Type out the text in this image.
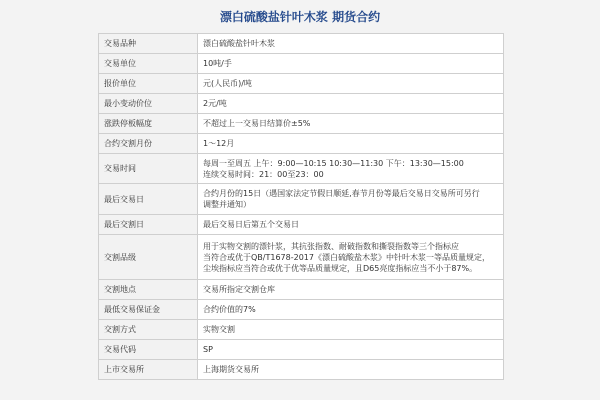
漂白硫酸盐针叶木浆 期货合约
交易品种	漂白硫酸盐针叶木浆

交易单位	10吨/手

报价单位	元(人民币)/吨

最小变动价位	2元/吨

涨跌停板幅度	不超过上一交易日结算价±5%

合约交割月份	1～12月

交易时间	每周一至周五 上午：9:00—10:15 10:30—11:30 下午：13:30—15:00
连续交易时间：21：00至23：00

最后交易日	合约月份的15日（遇国家法定节假日顺延,春节月份等最后交易日交易所可另行
调整并通知）

最后交割日	最后交易日后第五个交易日

交割品级	用于实物交割的漂针浆，其抗张指数、耐破指数和撕裂指数等三个指标应
当符合或优于QB/T1678-2017《漂白硫酸盐木浆》中针叶木浆一等品质量规定，
尘埃指标应当符合或优于优等品质量规定，且D65亮度指标应当不小于87%。

交割地点	交易所指定交割仓库

最低交易保证金	合约价值的7%

交割方式	实物交割

交易代码	SP

上市交易所	上海期货交易所
